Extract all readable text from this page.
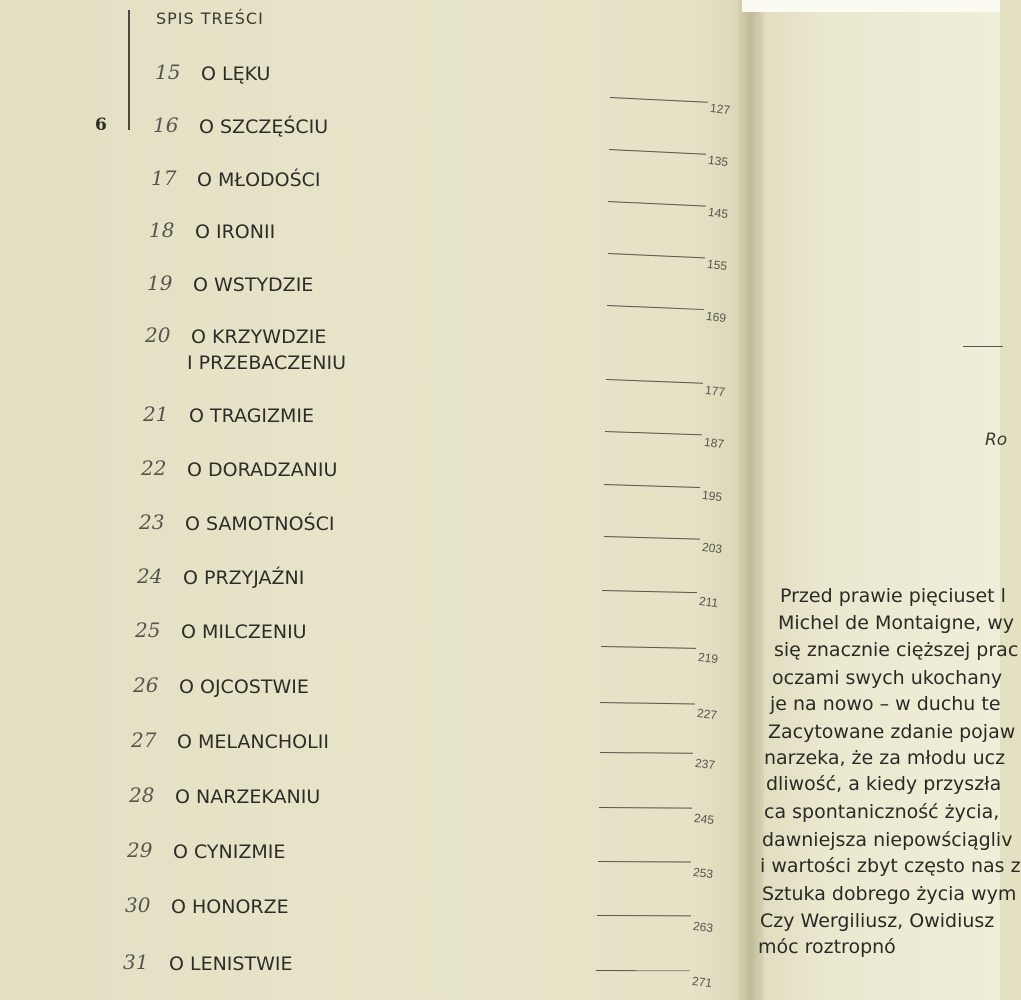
6
SPIS TREŚCI
15 O LĘKU
127
16 O SZCZĘŚCIU
135
17 O MŁODOŚCI
145
18 O IRONII
155
19 O WSTYDZIE
169
20 O KRZYWDZIE
I PRZEBACZENIU
177
21 O TRAGIZMIE
187
22 O DORADZANIU
195
23 O SAMOTNOŚCI
203
24 O PRZYJAŹNI
211
25 O MILCZENIU
219
26 O OJCOSTWIE
227
27 O MELANCHOLII
237
28 O NARZEKANIU
245
29 O CYNIZMIE
253
30 O HONORZE
263
31 O LENISTWIE
271
Ro
Przed prawie pięciuset l
Michel de Montaigne, wy
się znacznie cięższej prac
oczami swych ukochany
je na nowo – w duchu te
Zacytowane zdanie pojaw
narzeka, że za młodu ucz
dliwość, a kiedy przyszła
ca spontaniczność życia,
dawniejsza niepowściągliv
i wartości zbyt często nas z
Sztuka dobrego życia wym
Czy Wergiliusz, Owidiusz
móc roztropnó
